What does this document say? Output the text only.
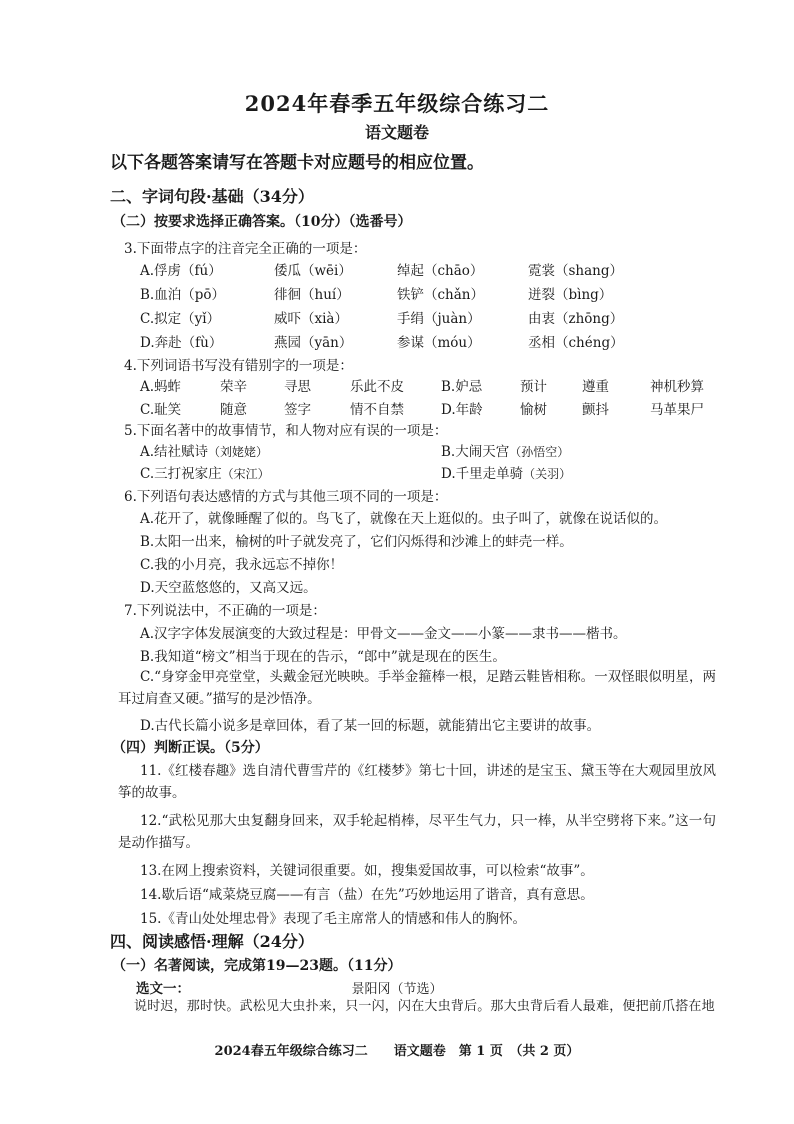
2024年春季五年级综合练习二
语文题卷
以下各题答案请写在答题卡对应题号的相应位置。
二、字词句段·基础（34分）
（二）按要求选择正确答案。（10分）（选番号）
3.下面带点字的注音完全正确的一项是：
A.俘虏（fú）	倭瓜（wēi）	绰起（chāo）	霓裳（shang）
B.血泊（pō）	徘徊（huí）	铁铲（chǎn）	迸裂（bìng）
C.拟定（yǐ）	威吓（xià）	手绢（juàn）	由衷（zhōng）
D.奔赴（fù）	燕园（yān）	参谋（móu）	丞相（chéng）
4.下列词语书写没有错别字的一项是：
A.蚂蚱	荣辛	寻思	乐此不皮	B.妒忌	预计	遵重	神机秒算
C.耻笑	随意	签字	情不自禁	D.年龄	愉树	颤抖	马革果尸
5.下面名著中的故事情节，和人物对应有误的一项是：
A.结社赋诗（刘姥姥）	B.大闹天宫（孙悟空）
C.三打祝家庄（宋江）	D.千里走单骑（关羽）
6.下列语句表达感情的方式与其他三项不同的一项是：
A.花开了，就像睡醒了似的。鸟飞了，就像在天上逛似的。虫子叫了，就像在说话似的。
B.太阳一出来，榆树的叶子就发亮了，它们闪烁得和沙滩上的蚌壳一样。
C.我的小月亮，我永远忘不掉你！
D.天空蓝悠悠的，又高又远。
7.下列说法中，不正确的一项是：
A.汉字字体发展演变的大致过程是：甲骨文——金文——小篆——隶书——楷书。
B.我知道“榜文”相当于现在的告示，“郎中”就是现在的医生。
C.“身穿金甲亮堂堂，头戴金冠光映映。手举金箍棒一根，足踏云鞋皆相称。一双怪眼似明星，两耳过肩查又硬。”描写的是沙悟净。
D.古代长篇小说多是章回体，看了某一回的标题，就能猜出它主要讲的故事。
（四）判断正误。（5分）
11.《红楼春趣》选自清代曹雪芹的《红楼梦》第七十回，讲述的是宝玉、黛玉等在大观园里放风筝的故事。
12.“武松见那大虫复翻身回来，双手轮起梢棒，尽平生气力，只一棒，从半空劈将下来。”这一句是动作描写。
13.在网上搜索资料，关键词很重要。如，搜集爱国故事，可以检索“故事”。
14.歇后语“咸菜烧豆腐——有言（盐）在先”巧妙地运用了谐音，真有意思。
15.《青山处处埋忠骨》表现了毛主席常人的情感和伟人的胸怀。
四、阅读感悟·理解（24分）
（一）名著阅读，完成第19—23题。（11分）
选文一：	景阳冈（节选）
说时迟，那时快。武松见大虫扑来，只一闪，闪在大虫背后。那大虫背后看人最难，便把前爪搭在地
2024春五年级综合练习二　　语文题卷　第 1 页　（共 2 页）
